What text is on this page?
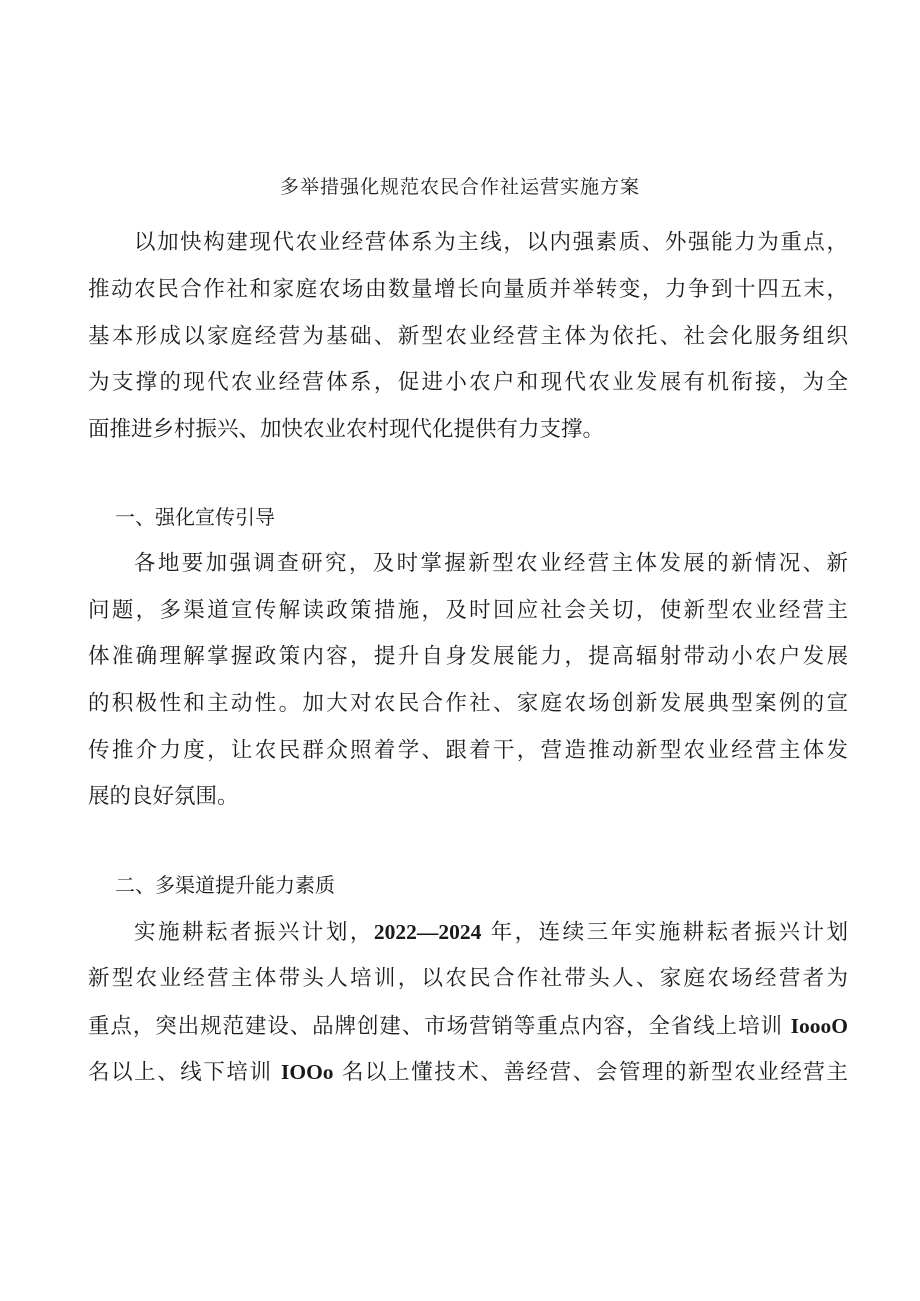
多举措强化规范农民合作社运营实施方案
以加快构建现代农业经营体系为主线，以内强素质、外强能力为重点，
推动农民合作社和家庭农场由数量增长向量质并举转变，力争到十四五末，
基本形成以家庭经营为基础、新型农业经营主体为依托、社会化服务组织
为支撑的现代农业经营体系，促进小农户和现代农业发展有机衔接，为全
面推进乡村振兴、加快农业农村现代化提供有力支撑。
一、强化宣传引导
各地要加强调查研究，及时掌握新型农业经营主体发展的新情况、新
问题，多渠道宣传解读政策措施，及时回应社会关切，使新型农业经营主
体准确理解掌握政策内容，提升自身发展能力，提高辐射带动小农户发展
的积极性和主动性。加大对农民合作社、家庭农场创新发展典型案例的宣
传推介力度，让农民群众照着学、跟着干，营造推动新型农业经营主体发
展的良好氛围。
二、多渠道提升能力素质
实施耕耘者振兴计划，2022—2024 年，连续三年实施耕耘者振兴计划
新型农业经营主体带头人培训，以农民合作社带头人、家庭农场经营者为
重点，突出规范建设、品牌创建、市场营销等重点内容，全省线上培训 IoooO
名以上、线下培训 IOOo 名以上懂技术、善经营、会管理的新型农业经营主
